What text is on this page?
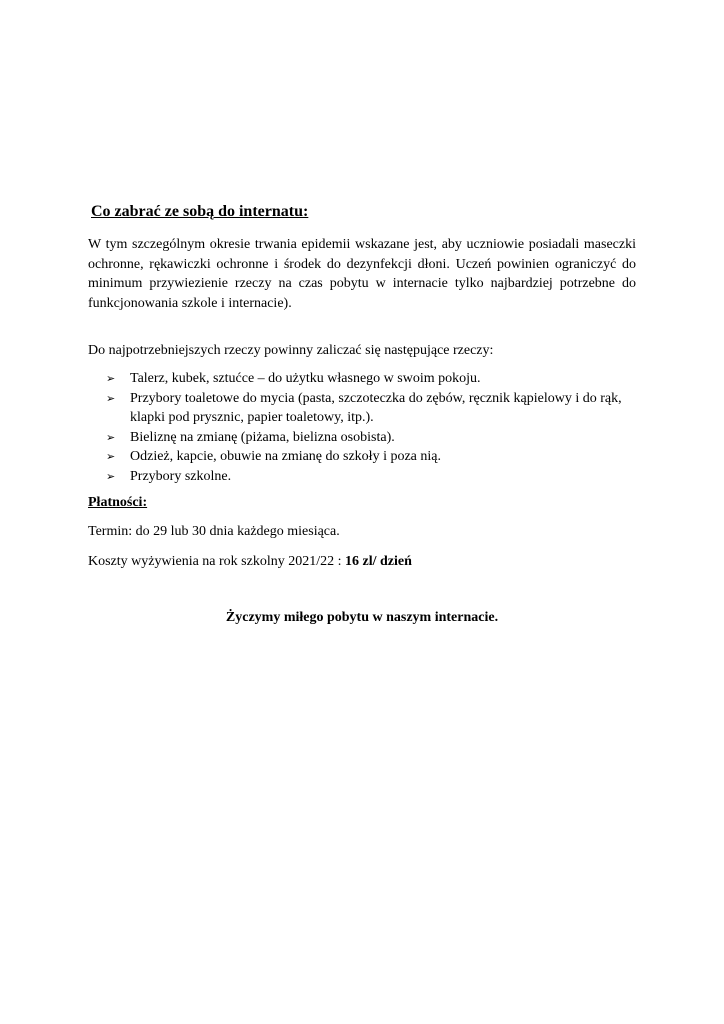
Co zabrać ze sobą do internatu:

W tym szczególnym okresie trwania epidemii wskazane jest, aby uczniowie posiadali maseczki ochronne, rękawiczki ochronne i środek do dezynfekcji dłoni. Uczeń powinien ograniczyć do minimum przywiezienie rzeczy na czas pobytu w internacie tylko najbardziej potrzebne do funkcjonowania szkole i internacie).

Do najpotrzebniejszych rzeczy powinny zaliczać się następujące rzeczy:

➢ Talerz, kubek, sztućce – do użytku własnego w swoim pokoju.
➢ Przybory toaletowe do mycia (pasta, szczoteczka do zębów, ręcznik kąpielowy i do rąk, klapki pod prysznic, papier toaletowy, itp.).
➢ Bieliznę na zmianę (piżama, bielizna osobista).
➢ Odzież, kapcie, obuwie na zmianę do szkoły i poza nią.
➢ Przybory szkolne.
Płatności:
Termin: do 29 lub 30 dnia każdego miesiąca.
Koszty wyżywienia na rok szkolny 2021/22 : 16 zl/ dzień
Życzymy miłego pobytu w naszym internacie.
